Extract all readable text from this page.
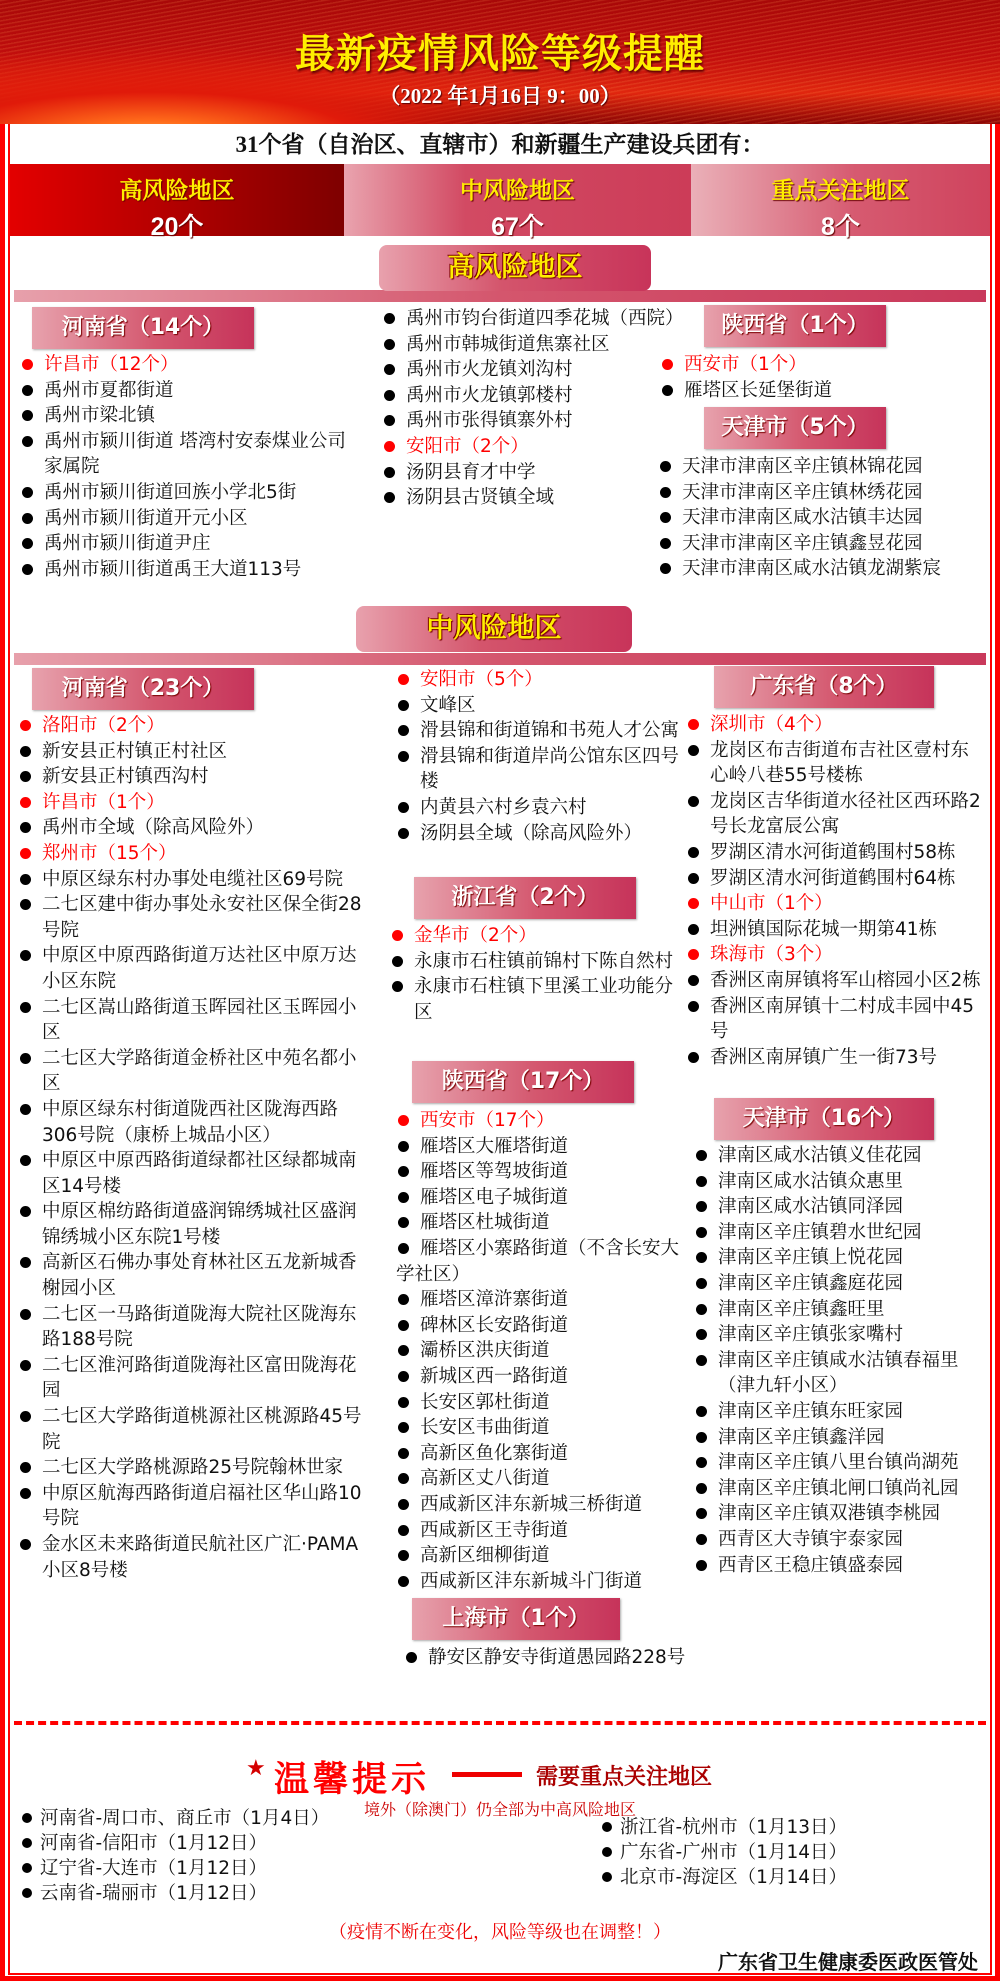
最新疫情风险等级提醒
（2022 年1月16日 9：00）
31个省（自治区、直辖市）和新疆生产建设兵团有：
高风险地区
20个
中风险地区
67个
重点关注地区
8个
高风险地区
河南省（14个）
许昌市（12个）
禹州市夏都街道
禹州市梁北镇
禹州市颍川街道 塔湾村安泰煤业公司家属院
禹州市颍川街道回族小学北5街
禹州市颍川街道开元小区
禹州市颍川街道尹庄
禹州市颍川街道禹王大道113号
禹州市钧台街道四季花城（西院）
禹州市韩城街道焦寨社区
禹州市火龙镇刘沟村
禹州市火龙镇郭楼村
禹州市张得镇寨外村
安阳市（2个）
汤阴县育才中学
汤阴县古贤镇全域
陕西省（1个）
西安市（1个）
雁塔区长延堡街道
天津市（5个）
天津市津南区辛庄镇林锦花园
天津市津南区辛庄镇林绣花园
天津市津南区咸水沽镇丰达园
天津市津南区辛庄镇鑫昱花园
天津市津南区咸水沽镇龙湖紫宸
中风险地区
河南省（23个）
洛阳市（2个）
新安县正村镇正村社区
新安县正村镇西沟村
许昌市（1个）
禹州市全域（除高风险外）
郑州市（15个）
中原区绿东村办事处电缆社区69号院
二七区建中街办事处永安社区保全街28号院
中原区中原西路街道万达社区中原万达小区东院
二七区嵩山路街道玉晖园社区玉晖园小区
二七区大学路街道金桥社区中苑名都小区
中原区绿东村街道陇西社区陇海西路306号院（康桥上城品小区）
中原区中原西路街道绿都社区绿都城南区14号楼
中原区棉纺路街道盛润锦绣城社区盛润锦绣城小区东院1号楼
高新区石佛办事处育林社区五龙新城香榭园小区
二七区一马路街道陇海大院社区陇海东路188号院
二七区淮河路街道陇海社区富田陇海花园
二七区大学路街道桃源社区桃源路45号院
二七区大学路桃源路25号院翰林世家
中原区航海西路街道启福社区华山路10号院
金水区未来路街道民航社区广汇·PAMA小区8号楼
安阳市（5个）
文峰区
滑县锦和街道锦和书苑人才公寓
滑县锦和街道岸尚公馆东区四号楼
内黄县六村乡袁六村
汤阴县全域（除高风险外）
浙江省（2个）
金华市（2个）
永康市石柱镇前锦村下陈自然村
永康市石柱镇下里溪工业功能分区
陕西省（17个）
西安市（17个）
雁塔区大雁塔街道
雁塔区等驾坡街道
雁塔区电子城街道
雁塔区杜城街道
雁塔区小寨路街道（不含长安大学社区）
雁塔区漳浒寨街道
碑林区长安路街道
灞桥区洪庆街道
新城区西一路街道
长安区郭杜街道
长安区韦曲街道
高新区鱼化寨街道
高新区丈八街道
西咸新区沣东新城三桥街道
西咸新区王寺街道
高新区细柳街道
西咸新区沣东新城斗门街道
上海市（1个）
静安区静安寺街道愚园路228号
广东省（8个）
深圳市（4个）
龙岗区布吉街道布吉社区壹村东心岭八巷55号楼栋
龙岗区吉华街道水径社区西环路2号长龙富辰公寓
罗湖区清水河街道鹤围村58栋
罗湖区清水河街道鹤围村64栋
中山市（1个）
坦洲镇国际花城一期第41栋
珠海市（3个）
香洲区南屏镇将军山榕园小区2栋
香洲区南屏镇十二村成丰园中45号
香洲区南屏镇广生一街73号
天津市（16个）
津南区咸水沽镇义佳花园
津南区咸水沽镇众惠里
津南区咸水沽镇同泽园
津南区辛庄镇碧水世纪园
津南区辛庄镇上悦花园
津南区辛庄镇鑫庭花园
津南区辛庄镇鑫旺里
津南区辛庄镇张家嘴村
津南区辛庄镇咸水沽镇春福里（津九轩小区）
津南区辛庄镇东旺家园
津南区辛庄镇鑫洋园
津南区辛庄镇八里台镇尚湖苑
津南区辛庄镇北闸口镇尚礼园
津南区辛庄镇双港镇李桃园
西青区大寺镇宇泰家园
西青区王稳庄镇盛泰园
★ 温馨提示	需要重点关注地区
境外（除澳门）仍全部为中高风险地区
河南省-周口市、商丘市（1月4日）
河南省-信阳市（1月12日）
辽宁省-大连市（1月12日）
云南省-瑞丽市（1月12日）
浙江省-杭州市（1月13日）
广东省-广州市（1月14日）
北京市-海淀区（1月14日）
（疫情不断在变化，风险等级也在调整！）
广东省卫生健康委医政医管处
